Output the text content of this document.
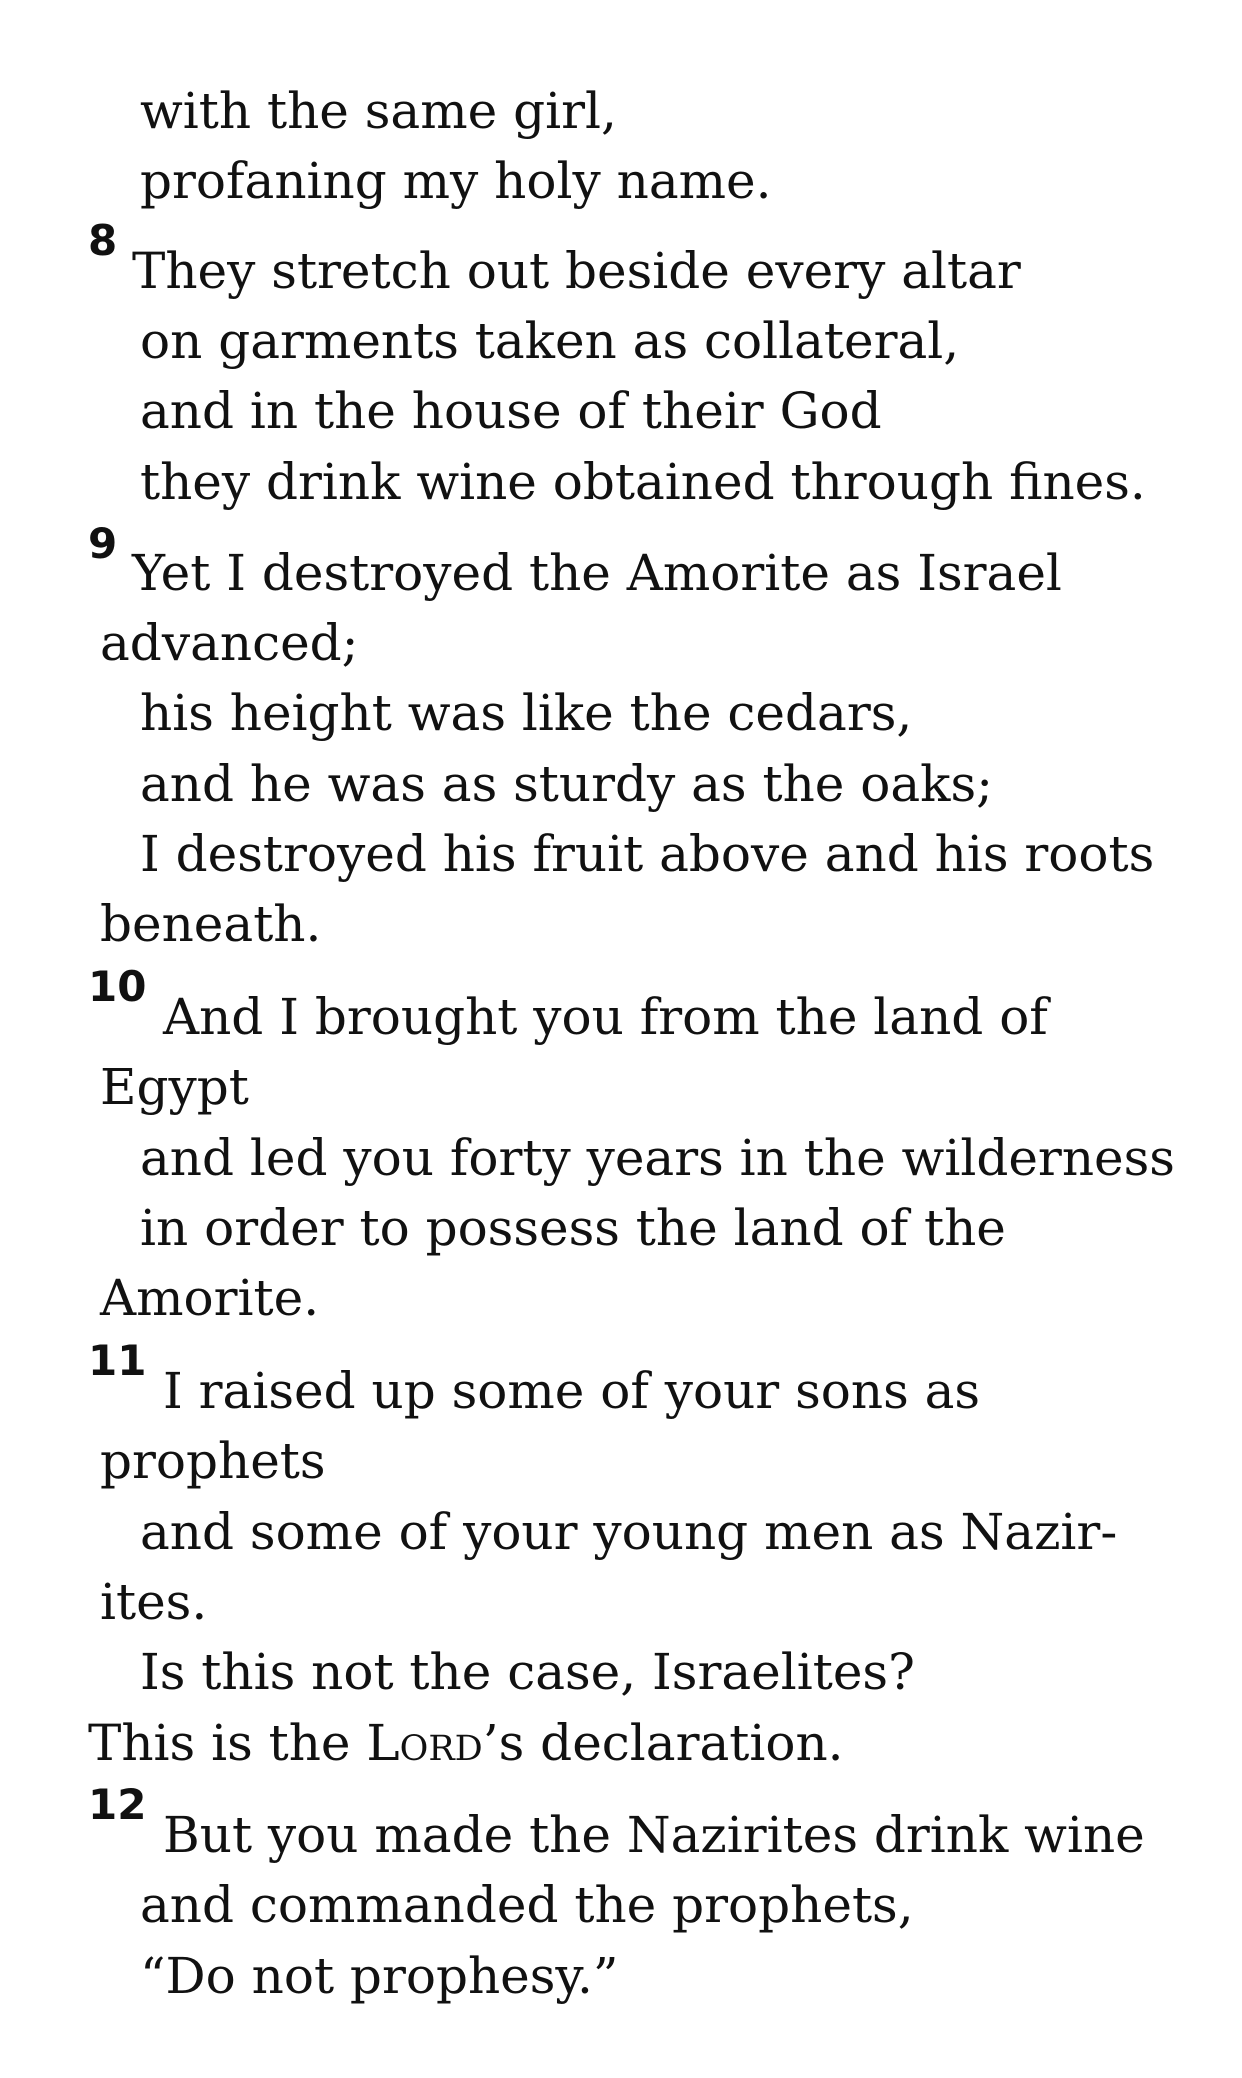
with the same girl,
profaning my holy name.
8
They stretch out beside every altar
on garments taken as collateral,
and in the house of their God
they drink wine obtained through fines.
9
Yet I destroyed the Amorite as Israel
advanced;
his height was like the cedars,
and he was as sturdy as the oaks;
I destroyed his fruit above and his roots
beneath.
10
And I brought you from the land of
Egypt
and led you forty years in the wilderness
in order to possess the land of the
Amorite.
11
I raised up some of your sons as
prophets
and some of your young men as Nazir-
ites.
Is this not the case, Israelites?
This is the Lord’s declaration.
12
But you made the Nazirites drink wine
and commanded the prophets,
“Do not prophesy.”
